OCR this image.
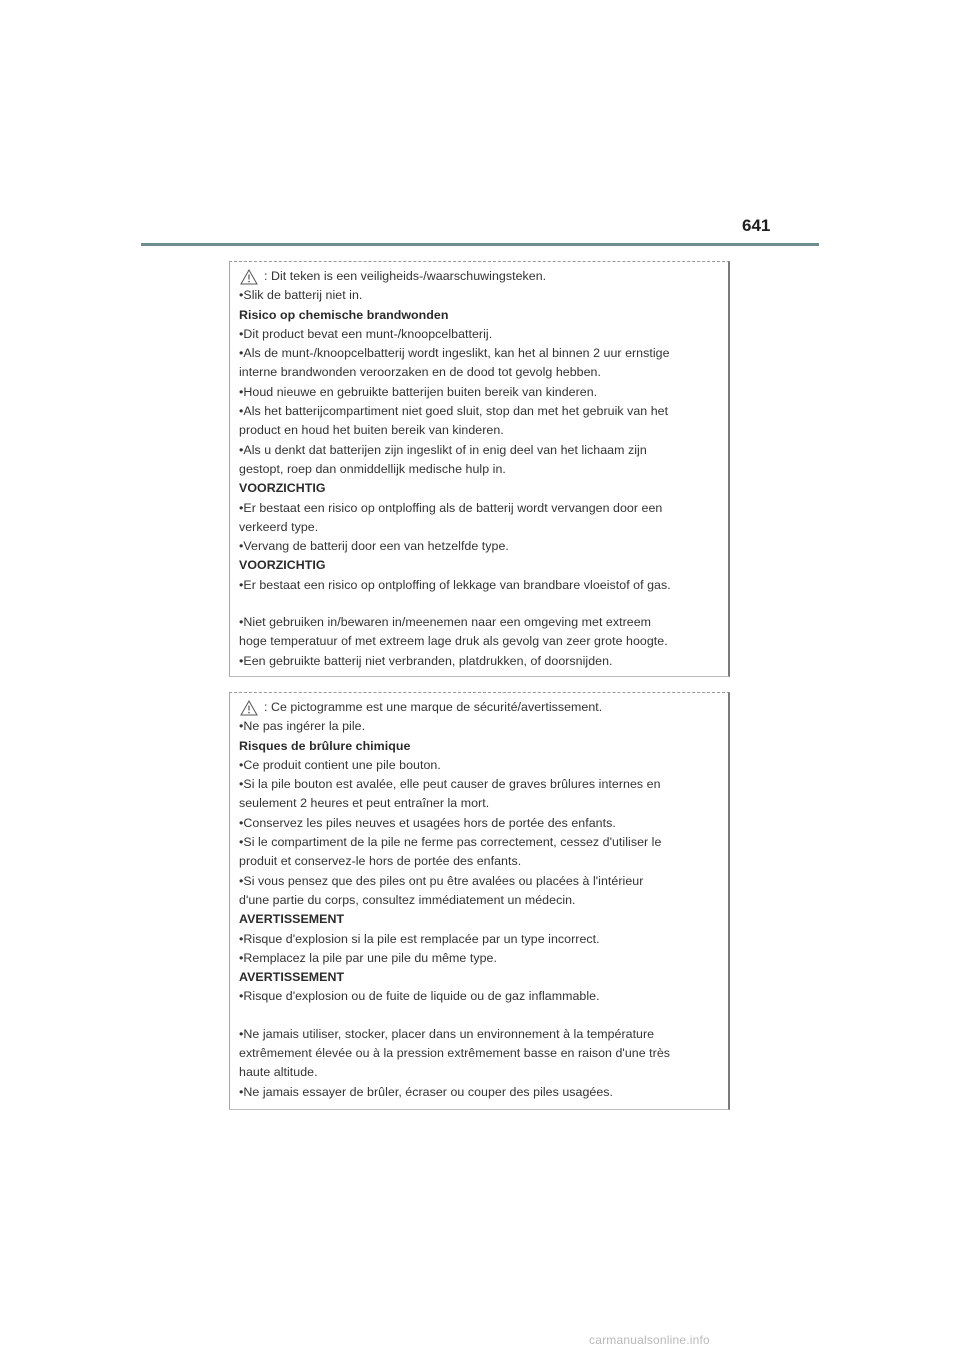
641
: Dit teken is een veiligheids-/waarschuwingsteken.
•Slik de batterij niet in.
Risico op chemische brandwonden
•Dit product bevat een munt-/knoopcelbatterij.
•Als de munt-/knoopcelbatterij wordt ingeslikt, kan het al binnen 2 uur ernstige
interne brandwonden veroorzaken en de dood tot gevolg hebben.
•Houd nieuwe en gebruikte batterijen buiten bereik van kinderen.
•Als het batterijcompartiment niet goed sluit, stop dan met het gebruik van het
product en houd het buiten bereik van kinderen.
•Als u denkt dat batterijen zijn ingeslikt of in enig deel van het lichaam zijn
gestopt, roep dan onmiddellijk medische hulp in.
VOORZICHTIG
•Er bestaat een risico op ontploffing als de batterij wordt vervangen door een
verkeerd type.
•Vervang de batterij door een van hetzelfde type.
VOORZICHTIG
•Er bestaat een risico op ontploffing of lekkage van brandbare vloeistof of gas.
•Niet gebruiken in/bewaren in/meenemen naar een omgeving met extreem
hoge temperatuur of met extreem lage druk als gevolg van zeer grote hoogte.
•Een gebruikte batterij niet verbranden, platdrukken, of doorsnijden.
: Ce pictogramme est une marque de sécurité/avertissement.
•Ne pas ingérer la pile.
Risques de brûlure chimique
•Ce produit contient une pile bouton.
•Si la pile bouton est avalée, elle peut causer de graves brûlures internes en
seulement 2 heures et peut entraîner la mort.
•Conservez les piles neuves et usagées hors de portée des enfants.
•Si le compartiment de la pile ne ferme pas correctement, cessez d'utiliser le
produit et conservez-le hors de portée des enfants.
•Si vous pensez que des piles ont pu être avalées ou placées à l'intérieur
d'une partie du corps, consultez immédiatement un médecin.
AVERTISSEMENT
•Risque d'explosion si la pile est remplacée par un type incorrect.
•Remplacez la pile par une pile du même type.
AVERTISSEMENT
•Risque d'explosion ou de fuite de liquide ou de gaz inflammable.
•Ne jamais utiliser, stocker, placer dans un environnement à la température
extrêmement élevée ou à la pression extrêmement basse en raison d'une très
haute altitude.
•Ne jamais essayer de brûler, écraser ou couper des piles usagées.
carmanualsonline.info
